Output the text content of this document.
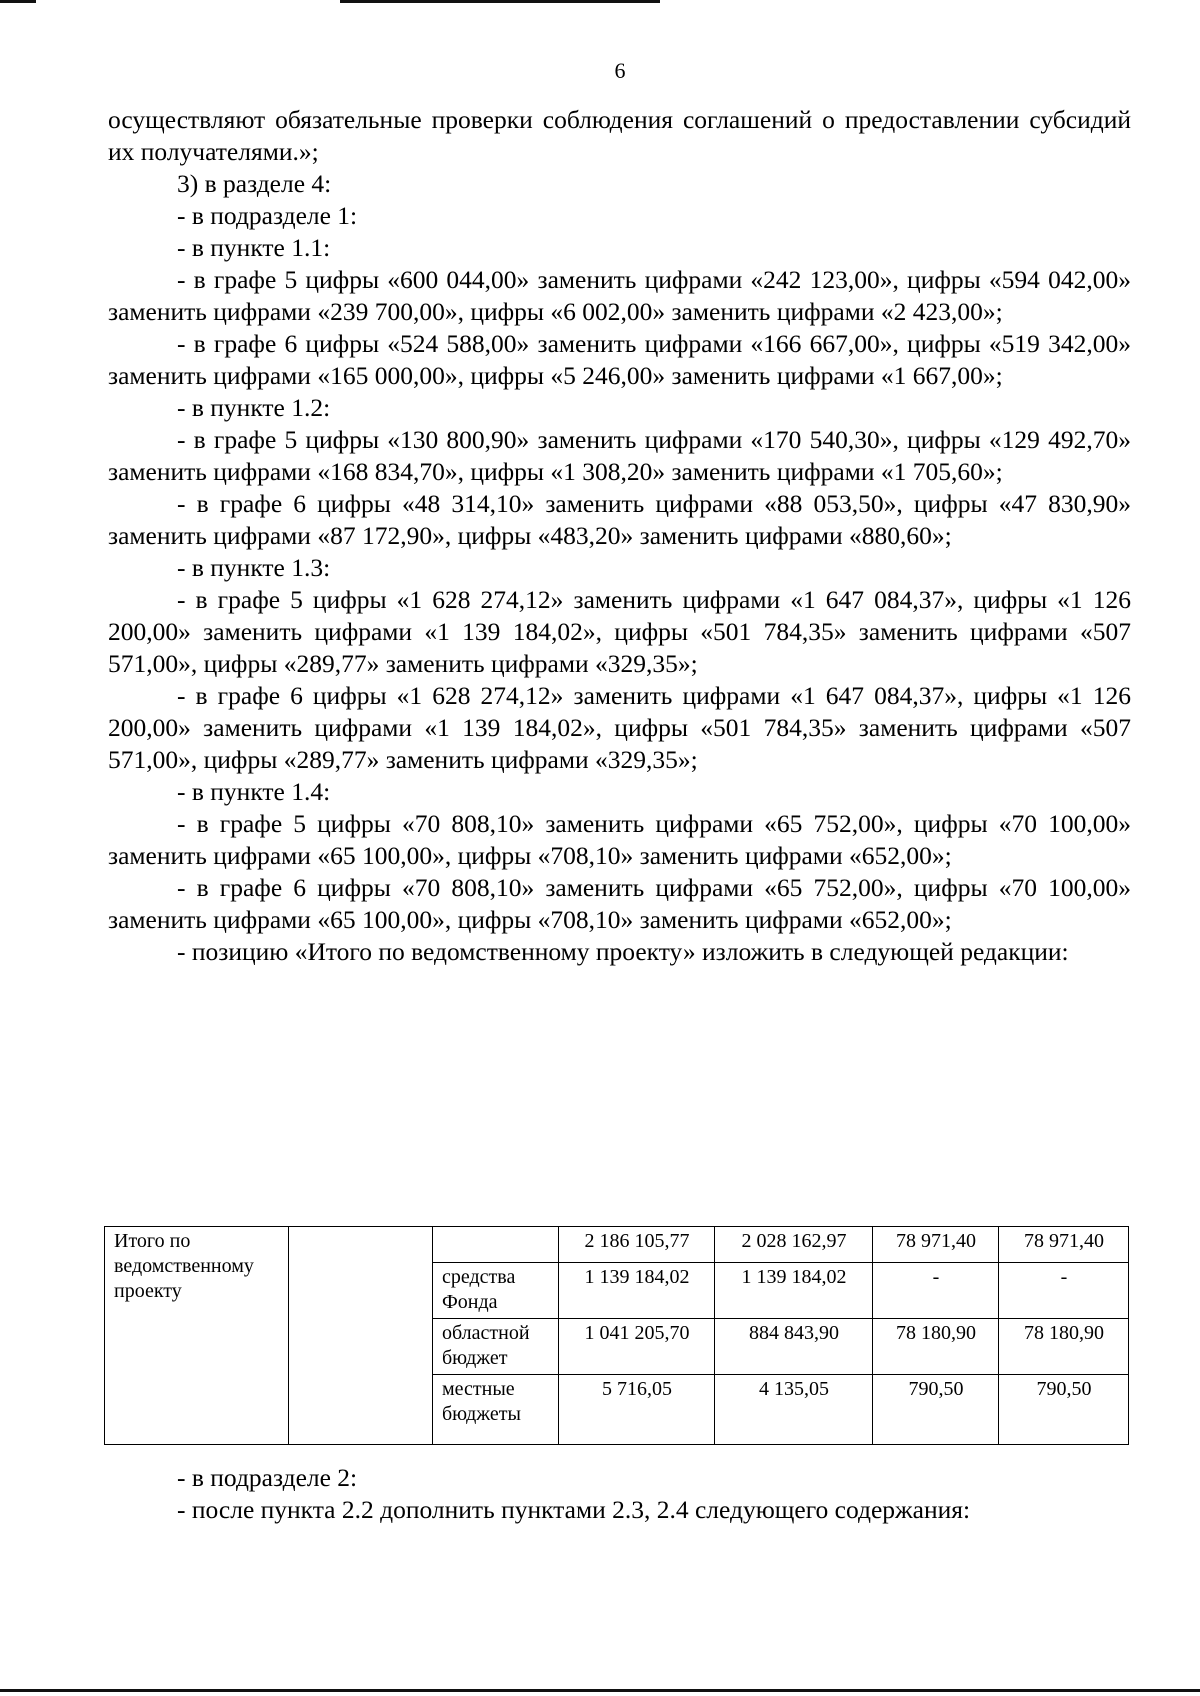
6

осуществляют обязательные проверки соблюдения соглашений о предоставлении субсидий их получателями.»;

3) в разделе 4:

- в подразделе 1:

- в пункте 1.1:

- в графе 5 цифры «600 044,00» заменить цифрами «242 123,00», цифры «594 042,00» заменить цифрами «239 700,00», цифры «6 002,00» заменить цифрами «2 423,00»;

- в графе 6 цифры «524 588,00» заменить цифрами «166 667,00», цифры «519 342,00» заменить цифрами «165 000,00», цифры «5 246,00» заменить цифрами «1 667,00»;

- в пункте 1.2:

- в графе 5 цифры «130 800,90» заменить цифрами «170 540,30», цифры «129 492,70» заменить цифрами «168 834,70», цифры «1 308,20» заменить цифрами «1 705,60»;

- в графе 6 цифры «48 314,10» заменить цифрами «88 053,50», цифры «47 830,90» заменить цифрами «87 172,90», цифры «483,20» заменить цифрами «880,60»;

- в пункте 1.3:

- в графе 5 цифры «1 628 274,12» заменить цифрами «1 647 084,37», цифры «1 126 200,00» заменить цифрами «1 139 184,02», цифры «501 784,35» заменить цифрами «507 571,00», цифры «289,77» заменить цифрами «329,35»;

- в графе 6 цифры «1 628 274,12» заменить цифрами «1 647 084,37», цифры «1 126 200,00» заменить цифрами «1 139 184,02», цифры «501 784,35» заменить цифрами «507 571,00», цифры «289,77» заменить цифрами «329,35»;

- в пункте 1.4:

- в графе 5 цифры «70 808,10» заменить цифрами «65 752,00», цифры «70 100,00» заменить цифрами «65 100,00», цифры «708,10» заменить цифрами «652,00»;

- в графе 6 цифры «70 808,10» заменить цифрами «65 752,00», цифры «70 100,00» заменить цифрами «65 100,00», цифры «708,10» заменить цифрами «652,00»;

- позицию «Итого по ведомственному проекту» изложить в следующей редакции:

Итого по ведомственному проекту			2 186 105,77	2 028 162,97	78 971,40	78 971,40
		средства Фонда	1 139 184,02	1 139 184,02	-	-
		областной бюджет	1 041 205,70	884 843,90	78 180,90	78 180,90
		местные бюджеты	5 716,05	4 135,05	790,50	790,50

- в подразделе 2:

- после пункта 2.2 дополнить пунктами 2.3, 2.4 следующего содержания:
